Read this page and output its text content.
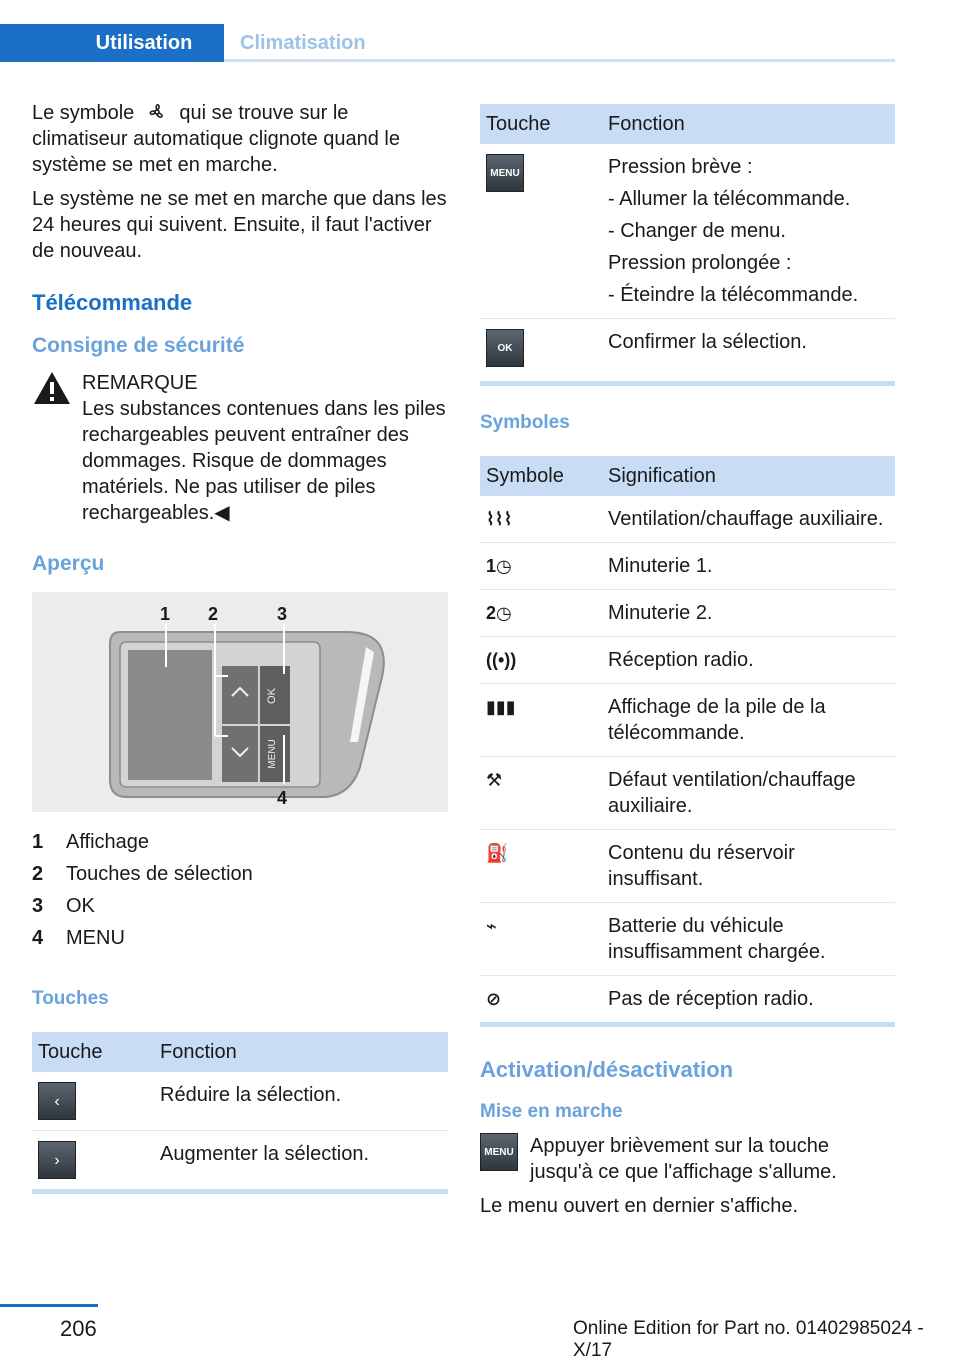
Utilisation	Climatisation

Le symbole qui se trouve sur le climatiseur automatique clignote quand le système se met en marche.

Le système ne se met en marche que dans les 24 heures qui suivent. Ensuite, il faut l'activer de nouveau.

Télécommande
Consigne de sécurité
REMARQUE
Les substances contenues dans les piles rechargeables peuvent entraîner des dommages. Risque de dommages matériels. Ne pas utiliser de piles rechargeables.◀
Aperçu
OK
MENU
1 2	3
4
1	Affichage
2	Touches de sélection
3	OK
4	MENU
Touches
Touche	Fonction
‹	Réduire la sélection.
›	Augmenter la sélection.
Touche	Fonction
MENU	Pression brève :
- Allumer la télécommande.
- Changer de menu.
Pression prolongée :
- Éteindre la télécommande.

OK	Confirmer la sélection.
Symboles
Symbole	Signification
⌇⌇⌇	Ventilation/chauffage auxiliaire.
1◷	Minuterie 1.
2◷	Minuterie 2.
((•))	Réception radio.
▮▮▮	Affichage de la pile de la télécommande.
⚒	Défaut ventilation/chauffage auxiliaire.
⛽	Contenu du réservoir insuffisant.
⌁	Batterie du véhicule insuffisamment chargée.
⊘	Pas de réception radio.
Activation/désactivation
Mise en marche
MENU Appuyer brièvement sur la touche jusqu'à ce que l'affichage s'allume.

Le menu ouvert en dernier s'affiche.

206	Online Edition for Part no. 01402985024 - X/17
